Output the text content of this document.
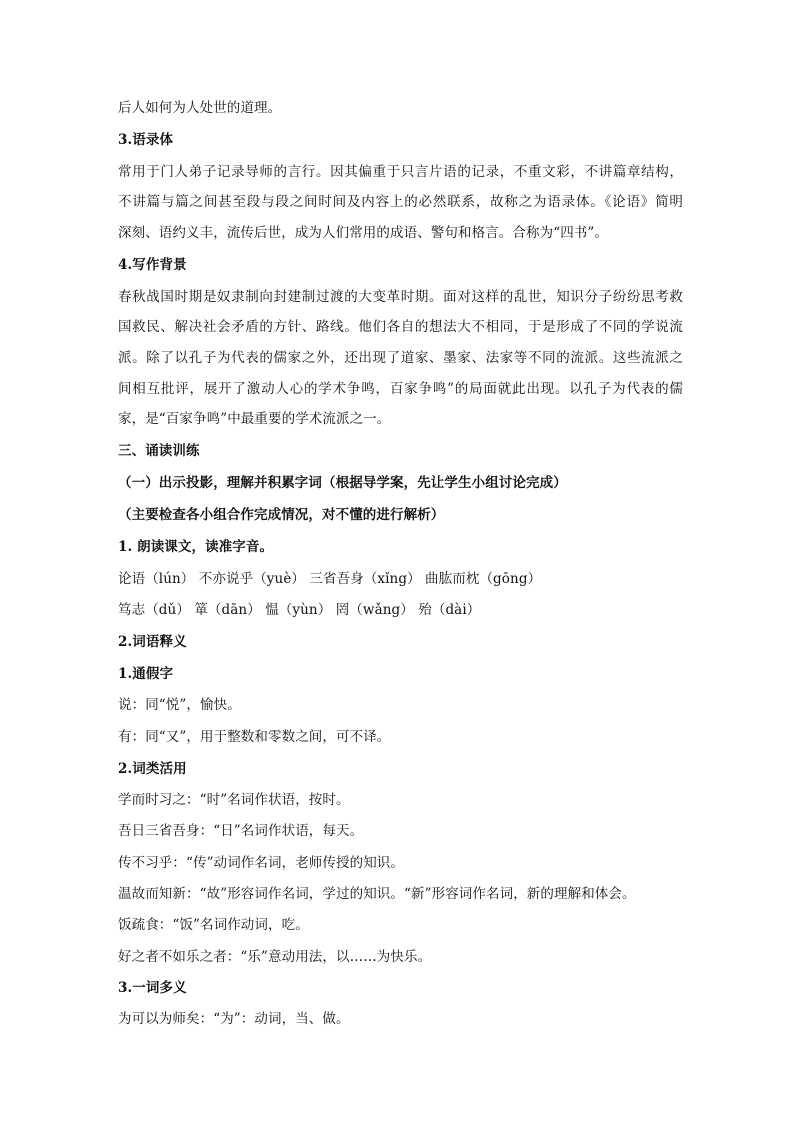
后人如何为人处世的道理。
3.语录体
常用于门人弟子记录导师的言行。因其偏重于只言片语的记录，不重文彩，不讲篇章结构，
不讲篇与篇之间甚至段与段之间时间及内容上的必然联系，故称之为语录体。《论语》简明
深刻、语约义丰，流传后世，成为人们常用的成语、警句和格言。合称为“四书”。
4.写作背景
春秋战国时期是奴隶制向封建制过渡的大变革时期。面对这样的乱世，知识分子纷纷思考救
国救民、解决社会矛盾的方针、路线。他们各自的想法大不相同，于是形成了不同的学说流
派。除了以孔子为代表的儒家之外，还出现了道家、墨家、法家等不同的流派。这些流派之
间相互批评，展开了激动人心的学术争鸣，百家争鸣”的局面就此出现。以孔子为代表的儒
家，是“百家争鸣”中最重要的学术流派之一。
三、诵读训练
（一）出示投影，理解并积累字词（根据导学案，先让学生小组讨论完成）
（主要检查各小组合作完成情况，对不懂的进行解析）
1. 朗读课文，读准字音。
论语（lún） 不亦说乎（yuè） 三省吾身（xǐng） 曲肱而枕（gōng）
笃志（dǔ） 箪（dān） 愠（yùn） 罔（wǎng） 殆（dài）
2.词语释义
1.通假字
说：同“悦”，愉快。
有：同“又”，用于整数和零数之间，可不译。
2.词类活用
学而时习之：“时”名词作状语，按时。
吾日三省吾身：“日”名词作状语，每天。
传不习乎：“传”动词作名词，老师传授的知识。
温故而知新：“故”形容词作名词，学过的知识。“新”形容词作名词，新的理解和体会。
饭疏食：“饭”名词作动词，吃。
好之者不如乐之者：“乐”意动用法，以……为快乐。
3.一词多义
为可以为师矣：“为”：动词，当、做。
